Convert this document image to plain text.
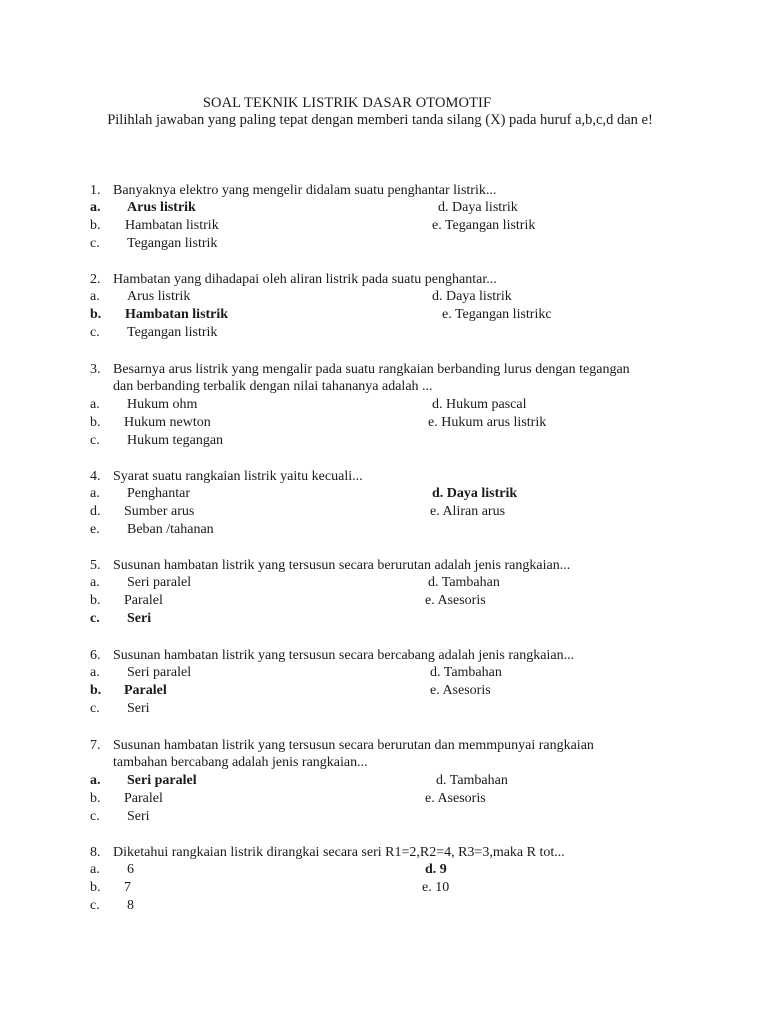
SOAL TEKNIK LISTRIK DASAR OTOMOTIF
Pilihlah jawaban yang paling tepat dengan memberi tanda silang (X) pada huruf a,b,c,d dan e!
1. Banyaknya elektro yang mengelir didalam suatu penghantar listrik...
a. Arus listrik	d. Daya listrik
b. Hambatan listrik	e. Tegangan listrik
c. Tegangan listrik
2. Hambatan yang dihadapai oleh aliran listrik pada suatu penghantar...
a. Arus listrik	d. Daya listrik
b. Hambatan listrik	e. Tegangan listrikc
c. Tegangan listrik
3. Besarnya arus listrik yang mengalir pada suatu rangkaian berbanding lurus dengan tegangan
dan berbanding terbalik dengan nilai tahananya adalah ...
a. Hukum ohm	d. Hukum pascal
b. Hukum newton	e. Hukum arus listrik
c. Hukum tegangan
4. Syarat suatu rangkaian listrik yaitu kecuali...
a. Penghantar	d. Daya listrik
d. Sumber arus	e. Aliran arus
e. Beban /tahanan
5. Susunan hambatan listrik yang tersusun secara berurutan adalah jenis rangkaian...
a. Seri paralel	d. Tambahan
b. Paralel	e. Asesoris
c. Seri
6. Susunan hambatan listrik yang tersusun secara bercabang adalah jenis rangkaian...
a. Seri paralel	d. Tambahan
b. Paralel	e. Asesoris
c. Seri
7. Susunan hambatan listrik yang tersusun secara berurutan dan memmpunyai rangkaian
tambahan bercabang adalah jenis rangkaian...
a. Seri paralel	d. Tambahan
b. Paralel	e. Asesoris
c. Seri
8. Diketahui rangkaian listrik dirangkai secara seri R1=2,R2=4, R3=3,maka R tot...
a. 6	d. 9
b. 7	e. 10
c. 8
